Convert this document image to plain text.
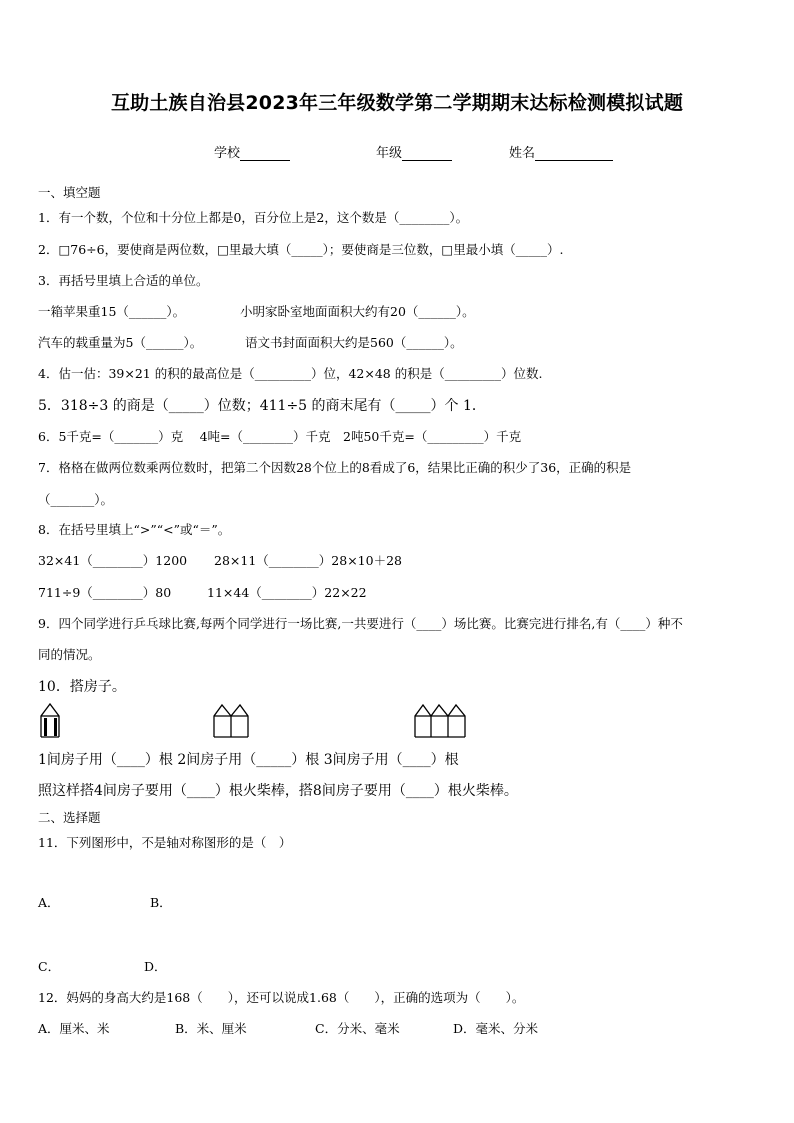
互助土族自治县2023年三年级数学第二学期期末达标检测模拟试题
学校	年级	姓名
一、填空题
1．有一个数，个位和十分位上都是0，百分位上是2，这个数是（________）。
2．□76÷6，要使商是两位数，□里最大填（_____）；要使商是三位数，□里最小填（_____）.
3．再括号里填上合适的单位。
一箱苹果重15（______）。	小明家卧室地面面积大约有20（______）。
汽车的载重量为5（______）。	语文书封面面积大约是560（______）。
4．估一估：39×21 的积的最高位是（_________）位，42×48 的积是（_________）位数.
5．318÷3 的商是（_____）位数；411÷5 的商末尾有（_____）个 1．
6．5千克=（_______）克　 4吨=（________）千克　2吨50千克=（_________）千克
7．格格在做两位数乘两位数时，把第二个因数28个位上的8看成了6，结果比正确的积少了36，正确的积是
（_______）。
8．在括号里填上“>”“<”或“＝”。
32×41（________）1200 28×11（________）28×10＋28
711÷9（________）80	11×44（________）22×22
9．四个同学进行乒乓球比赛,每两个同学进行一场比赛,一共要进行（____）场比赛。比赛完进行排名,有（____）种不
同的情况。
10．搭房子。
1间房子用（____）根 2间房子用（_____）根 3间房子用（____）根
照这样搭4间房子要用（____）根火柴棒，搭8间房子要用（____）根火柴棒。
二、选择题
11．下列图形中，不是轴对称图形的是（　）
A．	B．
C．	D．
12．妈妈的身高大约是168（　　），还可以说成1.68（　　），正确的选项为（　　）。
A．厘米、米	B．米、厘米	C．分米、毫米	D．毫米、分米
